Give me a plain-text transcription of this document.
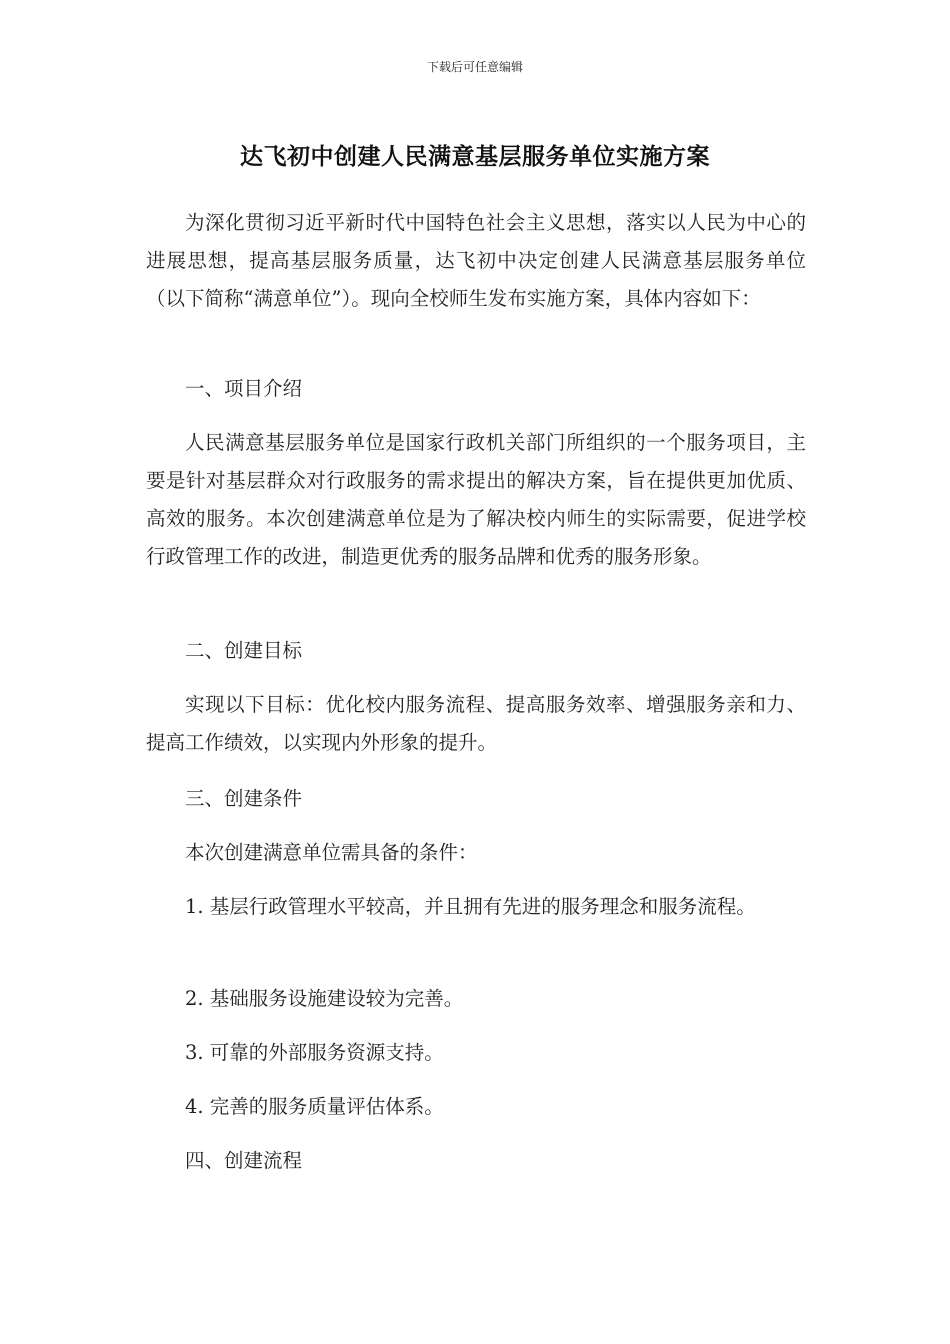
下载后可任意编辑
达飞初中创建人民满意基层服务单位实施方案

为深化贯彻习近平新时代中国特色社会主义思想，落实以人民为中心的进展思想，提高基层服务质量，达飞初中决定创建人民满意基层服务单位（以下简称“满意单位”）。现向全校师生发布实施方案，具体内容如下：

一、项目介绍

人民满意基层服务单位是国家行政机关部门所组织的一个服务项目，主要是针对基层群众对行政服务的需求提出的解决方案，旨在提供更加优质、高效的服务。本次创建满意单位是为了解决校内师生的实际需要，促进学校行政管理工作的改进，制造更优秀的服务品牌和优秀的服务形象。

二、创建目标

实现以下目标：优化校内服务流程、提高服务效率、增强服务亲和力、提高工作绩效，以实现内外形象的提升。

三、创建条件

本次创建满意单位需具备的条件：

1. 基层行政管理水平较高，并且拥有先进的服务理念和服务流程。

2. 基础服务设施建设较为完善。

3. 可靠的外部服务资源支持。

4. 完善的服务质量评估体系。

四、创建流程
